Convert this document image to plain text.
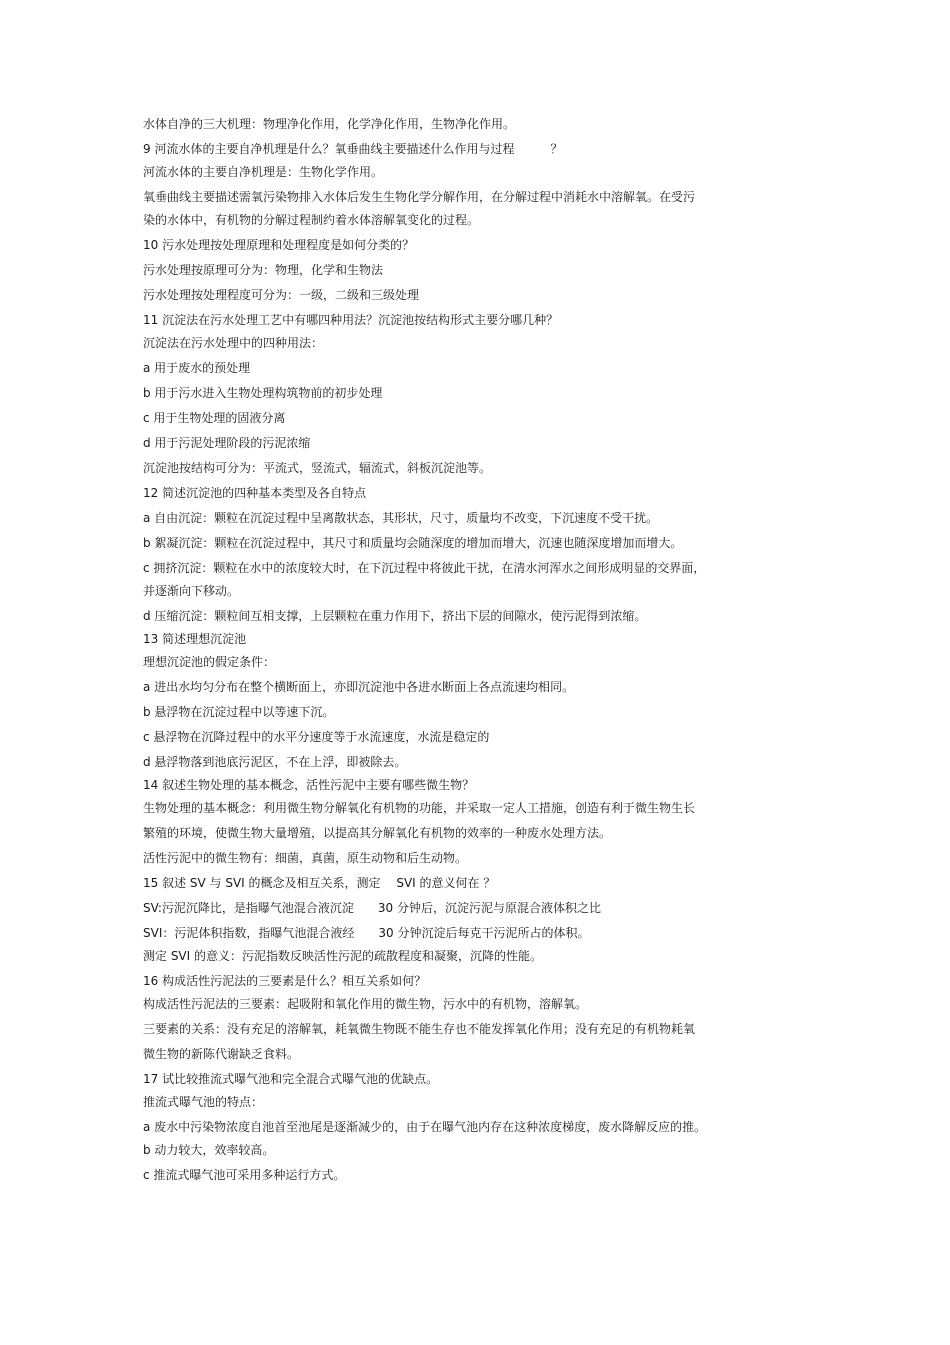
水体自净的三大机理：物理净化作用，化学净化作用，生物净化作用。
9 河流水体的主要自净机理是什么？氧垂曲线主要描述什么作用与过程　　　？
河流水体的主要自净机理是：生物化学作用。
氧垂曲线主要描述需氧污染物排入水体后发生生物化学分解作用，在分解过程中消耗水中溶解氧。在受污
染的水体中，有机物的分解过程制约着水体溶解氧变化的过程。
10 污水处理按处理原理和处理程度是如何分类的？
污水处理按原理可分为：物理，化学和生物法
污水处理按处理程度可分为：一级，二级和三级处理
11 沉淀法在污水处理工艺中有哪四种用法？沉淀池按结构形式主要分哪几种？
沉淀法在污水处理中的四种用法：
a 用于废水的预处理
b 用于污水进入生物处理构筑物前的初步处理
c 用于生物处理的固液分离
d 用于污泥处理阶段的污泥浓缩
沉淀池按结构可分为：平流式，竖流式，辐流式，斜板沉淀池等。
12 简述沉淀池的四种基本类型及各自特点
a 自由沉淀：颗粒在沉淀过程中呈离散状态，其形状，尺寸，质量均不改变，下沉速度不受干扰。
b 絮凝沉淀：颗粒在沉淀过程中，其尺寸和质量均会随深度的增加而增大，沉速也随深度增加而增大。
c 拥挤沉淀：颗粒在水中的浓度较大时，在下沉过程中将彼此干扰，在清水河浑水之间形成明显的交界面，
并逐渐向下移动。
d 压缩沉淀：颗粒间互相支撑，上层颗粒在重力作用下，挤出下层的间隙水，使污泥得到浓缩。
13 简述理想沉淀池
理想沉淀池的假定条件：
a 进出水均匀分布在整个横断面上，亦即沉淀池中各进水断面上各点流速均相同。
b 悬浮物在沉淀过程中以等速下沉。
c 悬浮物在沉降过程中的水平分速度等于水流速度，水流是稳定的
d 悬浮物落到池底污泥区，不在上浮，即被除去。
14 叙述生物处理的基本概念，活性污泥中主要有哪些微生物？
生物处理的基本概念：利用微生物分解氧化有机物的功能，并采取一定人工措施，创造有利于微生物生长
繁殖的环境，使微生物大量增殖，以提高其分解氧化有机物的效率的一种废水处理方法。
活性污泥中的微生物有：细菌，真菌，原生动物和后生动物。
15 叙述 SV 与 SVI 的概念及相互关系，测定　 SVI 的意义何在 ？
SV:污泥沉降比，是指曝气池混合液沉淀　　30 分钟后，沉淀污泥与原混合液体积之比
SVI：污泥体积指数，指曝气池混合液经　　30 分钟沉淀后每克干污泥所占的体积。
测定 SVI 的意义：污泥指数反映活性污泥的疏散程度和凝聚，沉降的性能。
16 构成活性污泥法的三要素是什么？相互关系如何？
构成活性污泥法的三要素：起吸附和氧化作用的微生物，污水中的有机物，溶解氧。
三要素的关系：没有充足的溶解氧，耗氧微生物既不能生存也不能发挥氧化作用；没有充足的有机物耗氧
微生物的新陈代谢缺乏食料。
17 试比较推流式曝气池和完全混合式曝气池的优缺点。
推流式曝气池的特点：
a 废水中污染物浓度自池首至池尾是逐渐减少的，由于在曝气池内存在这种浓度梯度，废水降解反应的推。
b 动力较大，效率较高。
c 推流式曝气池可采用多种运行方式。
